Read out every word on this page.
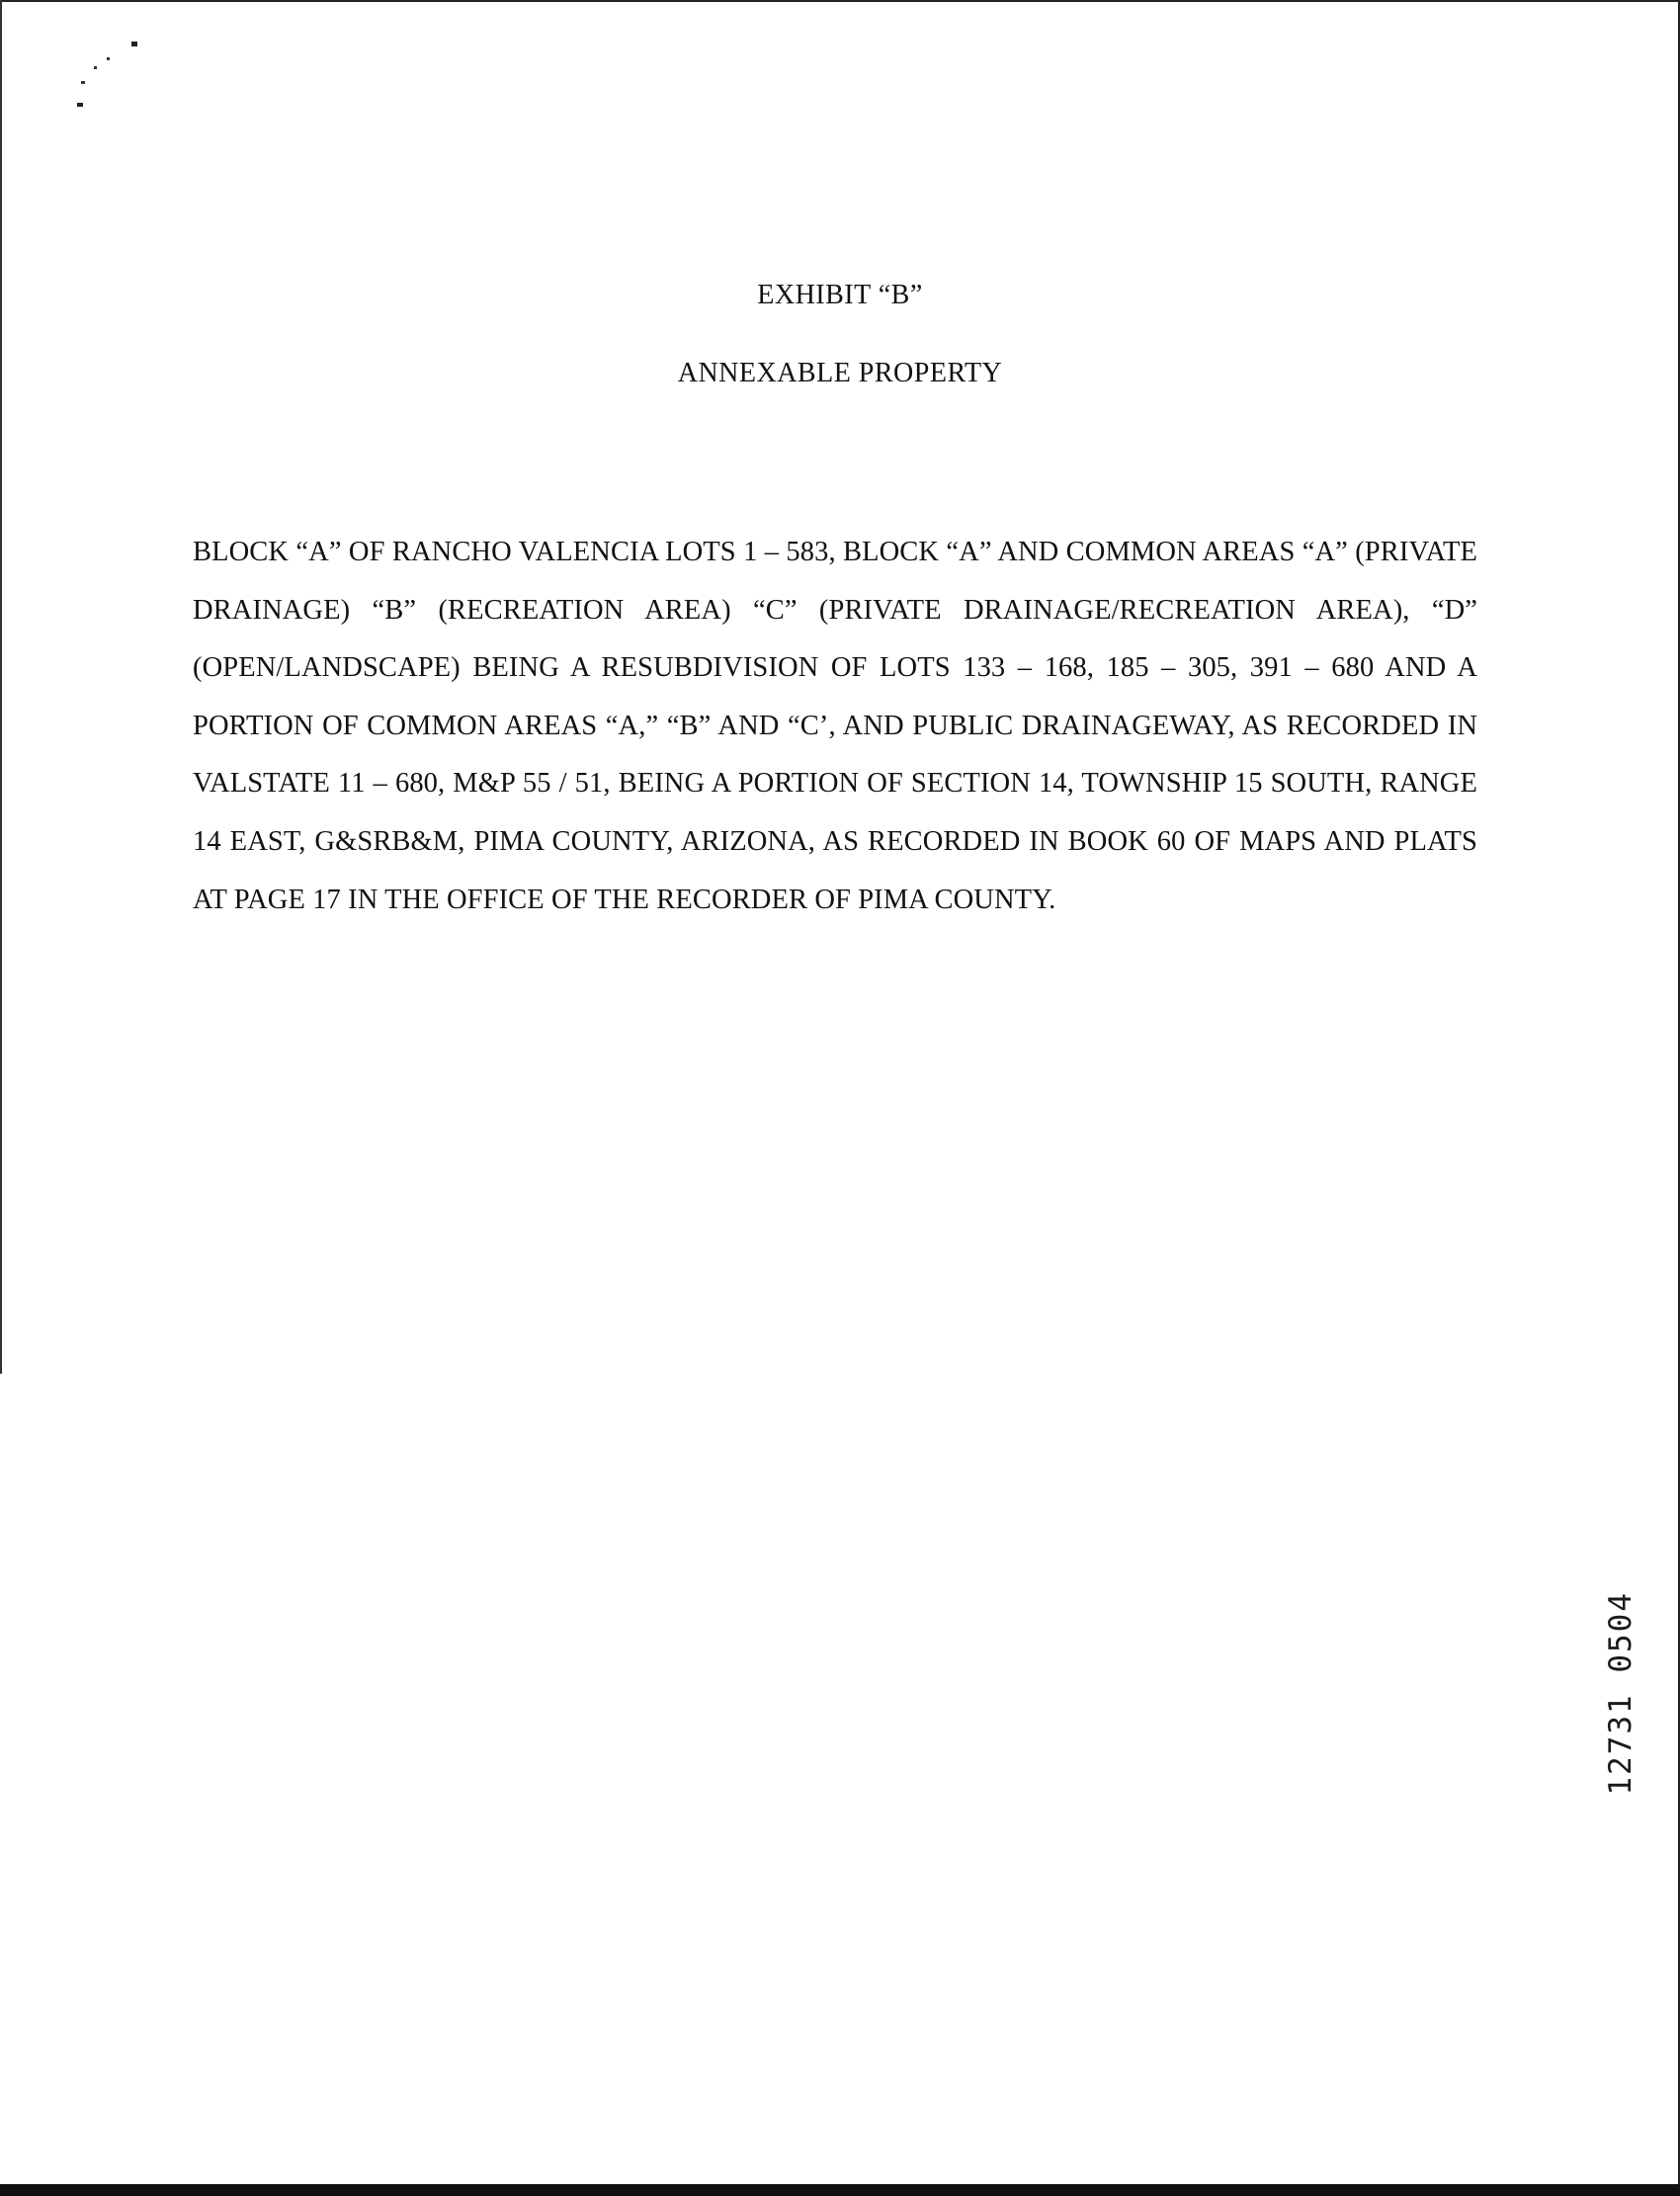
EXHIBIT “B”
ANNEXABLE PROPERTY

BLOCK “A” OF RANCHO VALENCIA LOTS 1 – 583, BLOCK “A” AND COMMON AREAS “A” (PRIVATE DRAINAGE) “B” (RECREATION AREA) “C” (PRIVATE DRAINAGE/RECREATION AREA), “D” (OPEN/LANDSCAPE) BEING A RESUBDIVISION OF LOTS 133 – 168, 185 – 305, 391 – 680 AND A PORTION OF COMMON AREAS “A,” “B” AND “C’, AND PUBLIC DRAINAGEWAY, AS RECORDED IN VALSTATE 11 – 680, M&P 55 / 51, BEING A PORTION OF SECTION 14, TOWNSHIP 15 SOUTH, RANGE 14 EAST, G&SRB&M, PIMA COUNTY, ARIZONA, AS RECORDED IN BOOK 60 OF MAPS AND PLATS AT PAGE 17 IN THE OFFICE OF THE RECORDER OF PIMA COUNTY.

12731 0504
